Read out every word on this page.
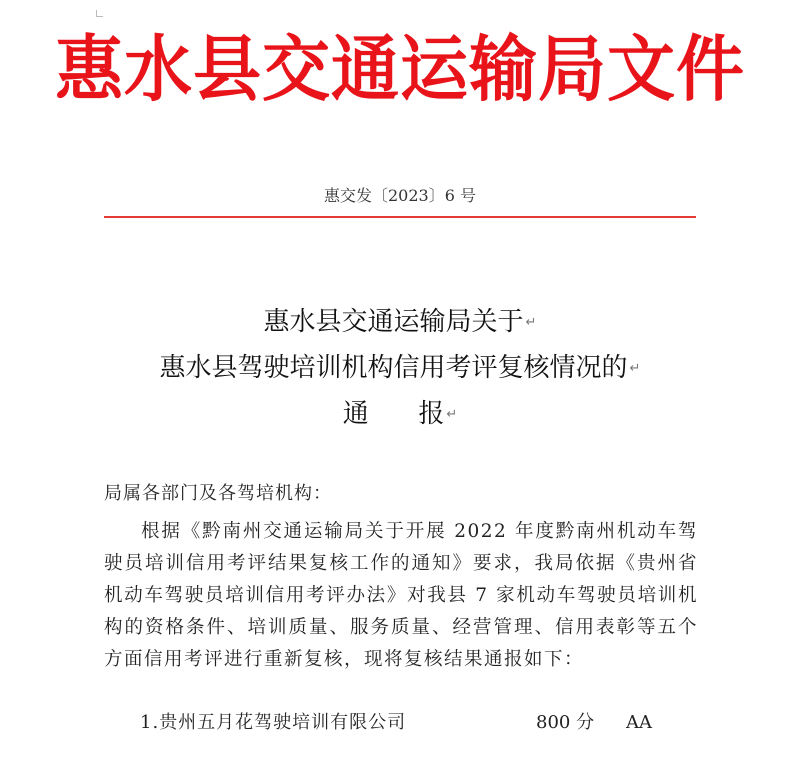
惠水县交通运输局文件
惠交发〔2023〕6 号
惠水县交通运输局关于 ↵
惠水县驾驶培训机构信用考评复核情况的 ↵
通      报 ↵
局属各部门及各驾培机构：
根据《黔南州交通运输局关于开展 2022 年度黔南州机动车驾驶员培训信用考评结果复核工作的通知》要求，我局依据《贵州省机动车驾驶员培训信用考评办法》对我县 7 家机动车驾驶员培训机构的资格条件、培训质量、服务质量、经营管理、信用表彰等五个方面信用考评进行重新复核，现将复核结果通报如下：
1.贵州五月花驾驶培训有限公司	800 分 AA
